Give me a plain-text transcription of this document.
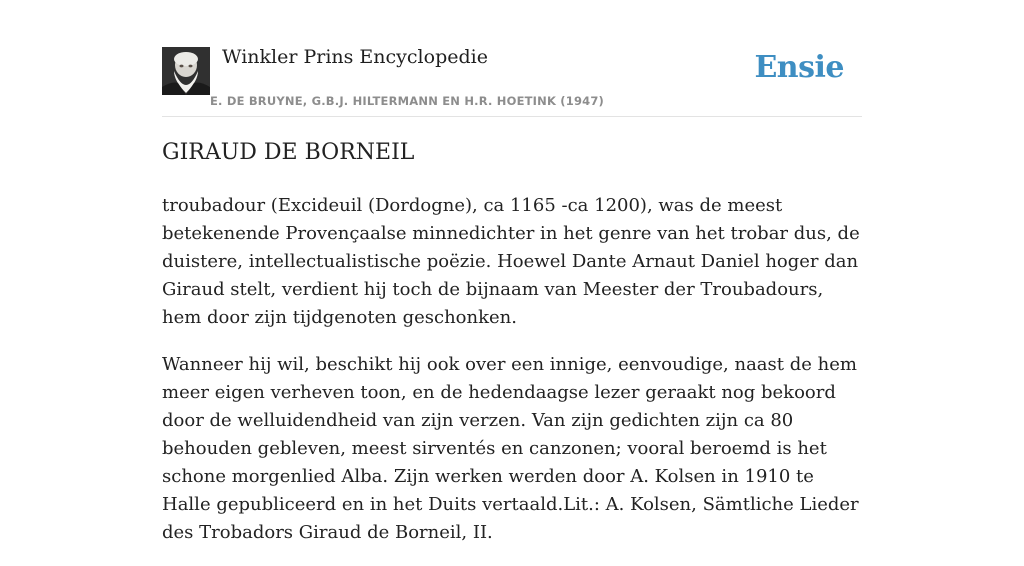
Winkler Prins Encyclopedie
E. DE BRUYNE, G.B.J. HILTERMANN EN H.R. HOETINK (1947)
Ensie
GIRAUD DE BORNEIL

troubadour (Excideuil (Dordogne), ca 1165 -ca 1200), was de meest betekenende Provençaalse minnedichter in het genre van het trobar dus, de duistere, intellectualistische poëzie. Hoewel Dante Arnaut Daniel hoger dan Giraud stelt, verdient hij toch de bijnaam van Meester der Troubadours, hem door zijn tijdgenoten geschonken.

Wanneer hij wil, beschikt hij ook over een innige, eenvoudige, naast de hem meer eigen verheven toon, en de hedendaagse lezer geraakt nog bekoord door de welluidendheid van zijn verzen. Van zijn gedichten zijn ca 80 behouden gebleven, meest sirventés en canzonen; vooral beroemd is het schone morgenlied Alba. Zijn werken werden door A. Kolsen in 1910 te Halle gepubliceerd en in het Duits vertaald.Lit.: A. Kolsen, Sämtliche Lieder des Trobadors Giraud de Borneil, II.
